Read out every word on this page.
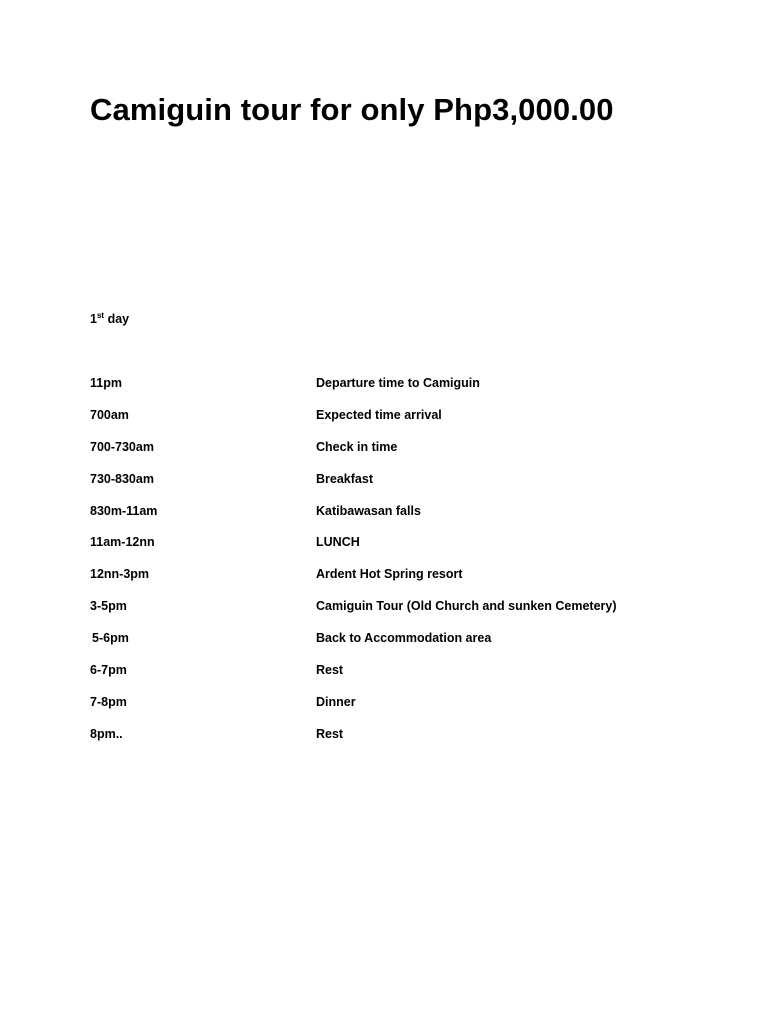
Camiguin tour for only Php3,000.00

1st day

11pm	Departure time to Camiguin
700am	Expected time arrival
700-730am	Check in time
730-830am	Breakfast
830m-11am	Katibawasan falls
11am-12nn	LUNCH
12nn-3pm	Ardent Hot Spring resort
3-5pm	Camiguin Tour (Old Church and sunken Cemetery)
5-6pm	Back to Accommodation area
6-7pm	Rest
7-8pm	Dinner
8pm..	Rest
